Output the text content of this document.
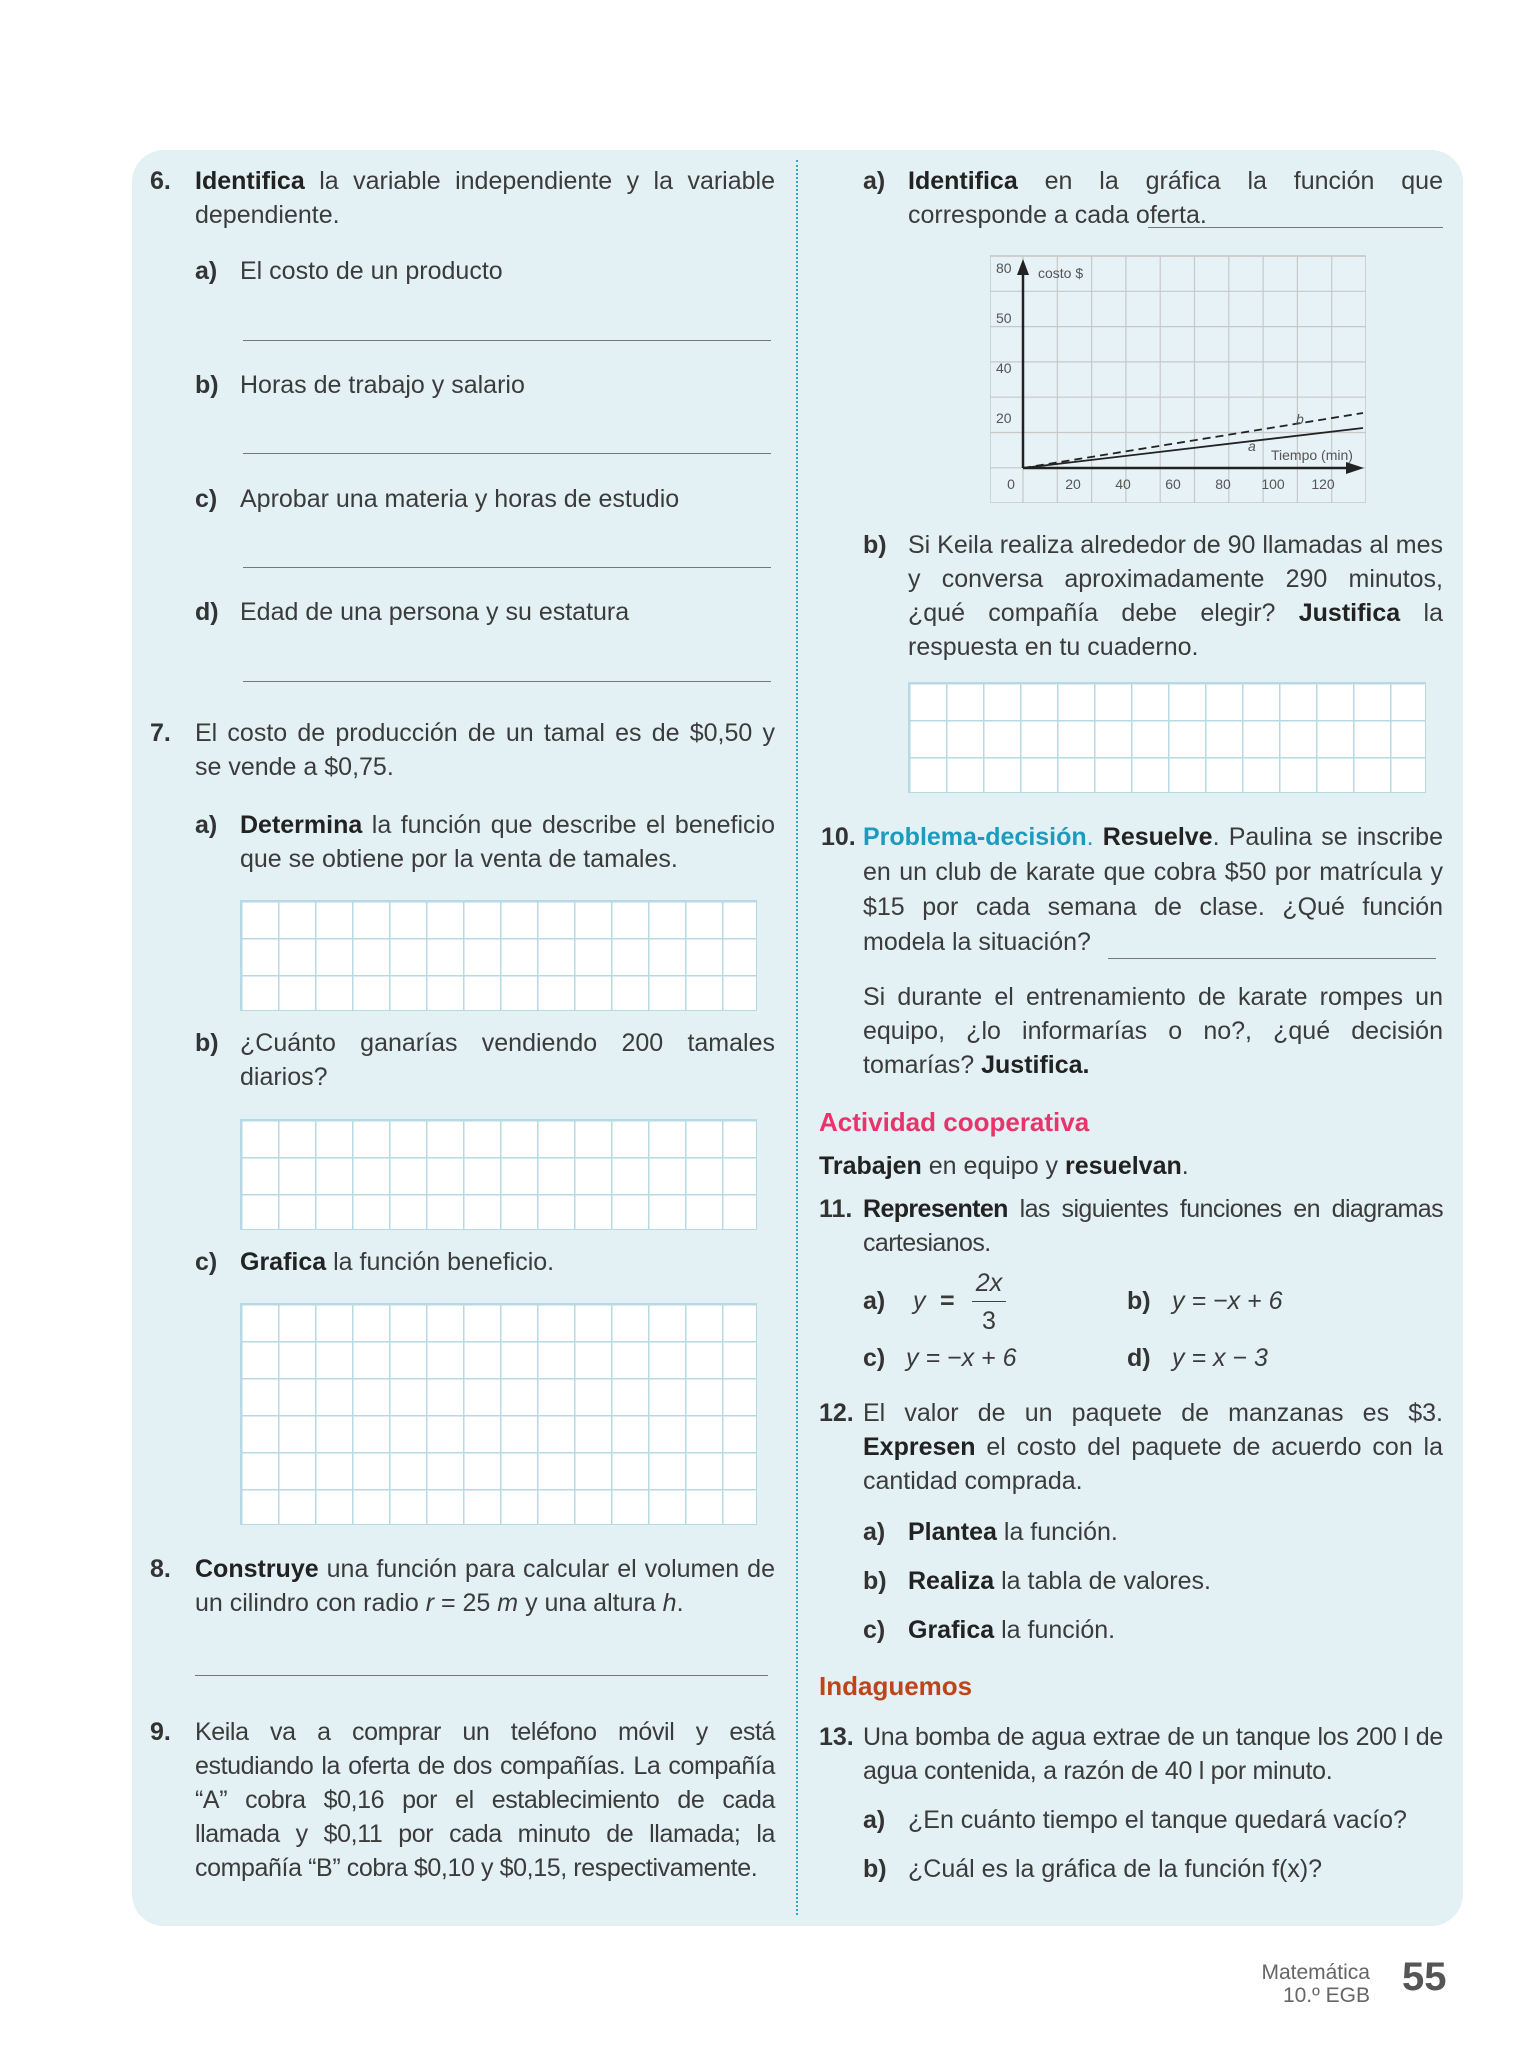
6. Identifica la variable independiente y la variable dependiente.
a) El costo de un producto
b) Horas de trabajo y salario
c) Aprobar una materia y horas de estudio
d) Edad de una persona y su estatura
7. El costo de producción de un tamal es de $0,50 y se vende a $0,75.
a) Determina la función que describe el beneficio que se obtiene por la venta de tamales.
b) ¿Cuánto ganarías vendiendo 200 tamales diarios?
c) Grafica la función beneficio.
8. Construye una función para calcular el volumen de un cilindro con radio r = 25 m y una altura h.
9. Keila va a comprar un teléfono móvil y está estudiando la oferta de dos compañías. La compañía “A” cobra $0,16 por el establecimiento de cada llamada y $0,11 por cada minuto de llamada; la compañía “B” cobra $0,10 y $0,15, respectivamente.
a) Identifica en la gráfica la función que corresponde a cada oferta.
0	20 40 60 80 100 120
20
40
50
80 costo $
Tiempo (min)
a
b
b) Si Keila realiza alrededor de 90 llamadas al mes y conversa aproximadamente 290 minutos, ¿qué compañía debe elegir? Justifica la respuesta en tu cuaderno.
10. Problema-decisión. Resuelve. Paulina se inscribe en un club de karate que cobra $50 por matrícula y $15 por cada semana de clase. ¿Qué función modela la situación?
Si durante el entrenamiento de karate rompes un equipo, ¿lo informarías o no?, ¿qué decisión tomarías? Justifica.
Actividad cooperativa
Trabajen en equipo y resuelvan.
11. Representen las siguientes funciones en diagramas cartesianos.
a) y =
2x
3
b) y = −x + 6
c) y = −x + 6	d) y = x − 3
12. El valor de un paquete de manzanas es $3. Expresen el costo del paquete de acuerdo con la cantidad comprada.
a) Plantea la función.
b) Realiza la tabla de valores.
c) Grafica la función.
Indaguemos
13. Una bomba de agua extrae de un tanque los 200 l de agua contenida, a razón de 40 l por minuto.
a) ¿En cuánto tiempo el tanque quedará vacío?
b) ¿Cuál es la gráfica de la función f(x)?
Matemática
10.º EGB 55
